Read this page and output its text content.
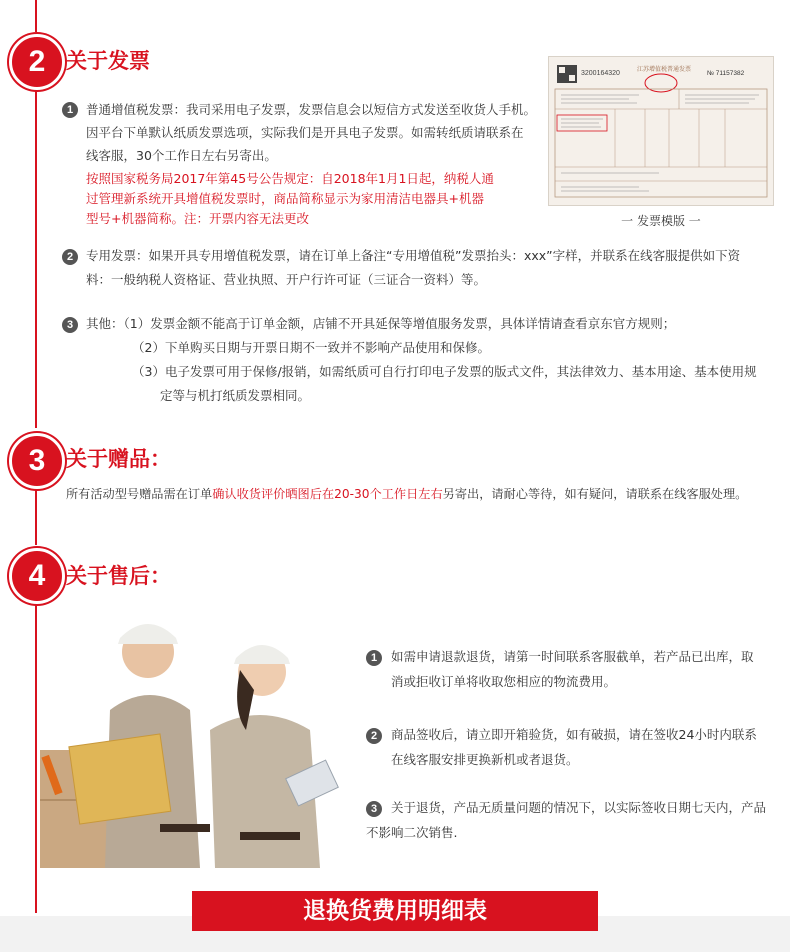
2 关于发票
1	普通增值税发票：我司采用电子发票，发票信息会以短信方式发送至收货人手机。
因平台下单默认纸质发票选项，实际我们是开具电子发票。如需转纸质请联系在
线客服，30个工作日左右另寄出。
按照国家税务局2017年第45号公告规定：自2018年1月1日起，纳税人通
过管理新系统开具增值税发票时，商品简称显示为家用清洁电器具+机器
型号+机器简称。注：开票内容无法更改
3200164320
江苏增值税普通发票
№ 71157382
一 发票模版 一
2	专用发票：如果开具专用增值税发票，请在订单上备注“专用增值税”发票抬头：xxx”字样，并联系在线客服提供如下资
料：一般纳税人资格证、营业执照、开户行许可证（三证合一资料）等。
3	其他：（1）发票金额不能高于订单金额，店铺不开具延保等增值服务发票，具体详情请查看京东官方规则；
（2）下单购买日期与开票日期不一致并不影响产品使用和保修。
（3）电子发票可用于保修/报销，如需纸质可自行打印电子发票的版式文件，其法律效力、基本用途、基本使用规
定等与机打纸质发票相同。
3 关于赠品：
所有活动型号赠品需在订单确认收货评价晒图后在20-30个工作日左右另寄出，请耐心等待，如有疑问，请联系在线客服处理。
4 关于售后：
1	如需申请退款退货，请第一时间联系客服截单，若产品已出库，取
消或拒收订单将收取您相应的物流费用。
2	商品签收后，请立即开箱验货，如有破损，请在签收24小时内联系
在线客服安排更换新机或者退货。
3	关于退货，产品无质量问题的情况下，以实际签收日期七天内，产品
不影响二次销售.
退换货费用明细表
